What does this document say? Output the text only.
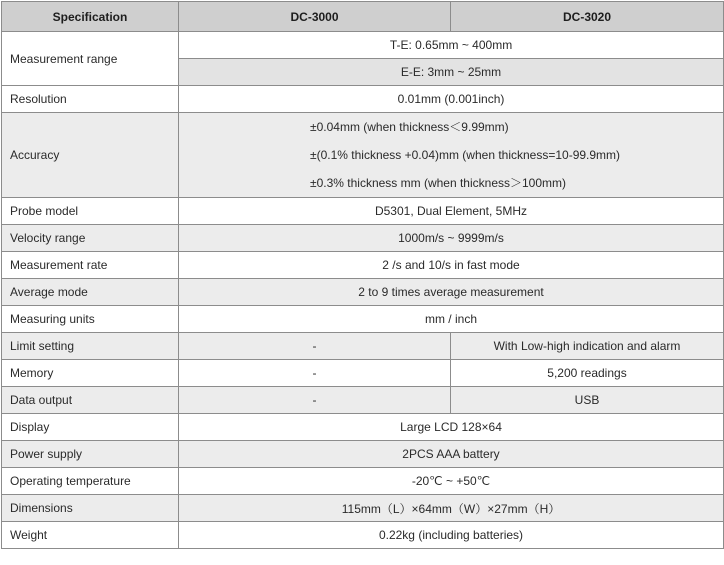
Specification	DC-3000	DC-3020
Measurement range	T-E: 0.65mm ~ 400mm	
	E-E: 3mm ~ 25mm	
Resolution	0.01mm (0.001inch)	
Accuracy	±0.04mm (when thickness＜9.99mm)
±(0.1% thickness +0.04)mm (when thickness=10-99.9mm)
±0.3% thickness mm (when thickness＞100mm)	

Probe model	D5301, Dual Element, 5MHz	
Velocity range	1000m/s ~ 9999m/s	
Measurement rate	2 /s and 10/s in fast mode	
Average mode	2 to 9 times average measurement	
Measuring units	mm / inch	
Limit setting	-	With Low-high indication and alarm
Memory	-	5,200 readings
Data output	-	USB
Display	Large LCD 128×64	
Power supply	2PCS AAA battery	
Operating temperature	-20℃ ~ +50℃	
Dimensions	115mm（L）×64mm（W）×27mm（H）	
Weight	0.22kg (including batteries)	
